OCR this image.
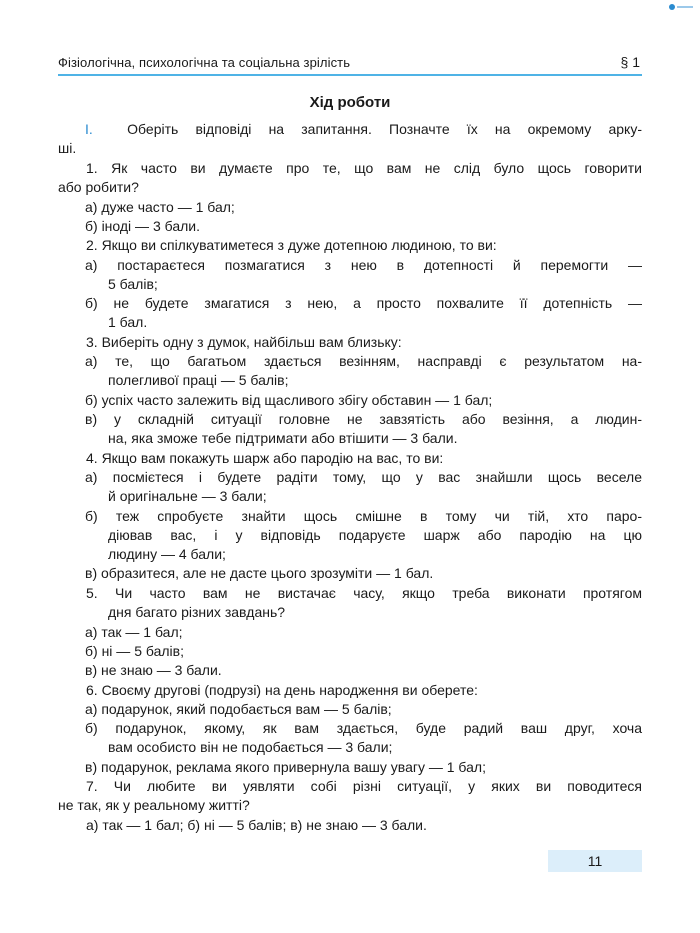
Фізіологічна, психологічна та соціальна зрілість	§ 1
Хід роботи
I. Оберіть відповіді на запитання. Позначте їх на окремому арку-
ші.
1. Як часто ви думаєте про те, що вам не слід було щось говорити
або робити?
а) дуже часто — 1 бал;
б) іноді — 3 бали.
2. Якщо ви спілкуватиметеся з дуже дотепною людиною, то ви:
а) постараєтеся позмагатися з нею в дотепності й перемогти —
5 балів;
б) не будете змагатися з нею, а просто похвалите її дотепність —
1 бал.
3. Виберіть одну з думок, найбільш вам близьку:
а) те, що багатьом здається везінням, насправді є результатом на-
полегливої праці — 5 балів;
б) успіх часто залежить від щасливого збігу обставин — 1 бал;
в) у складній ситуації головне не завзятість або везіння, а людин-
на, яка зможе тебе підтримати або втішити — 3 бали.
4. Якщо вам покажуть шарж або пародію на вас, то ви:
а) посмієтеся і будете радіти тому, що у вас знайшли щось веселе
й оригінальне — 3 бали;
б) теж спробуєте знайти щось смішне в тому чи тій, хто паро-
діював вас, і у відповідь подаруєте шарж або пародію на цю
людину — 4 бали;
в) образитеся, але не дасте цього зрозуміти — 1 бал.
5. Чи часто вам не вистачає часу, якщо треба виконати протягом
дня багато різних завдань?
а) так — 1 бал;
б) ні — 5 балів;
в) не знаю — 3 бали.
6. Своєму другові (подрузі) на день народження ви оберете:
а) подарунок, який подобається вам — 5 балів;
б) подарунок, якому, як вам здається, буде радий ваш друг, хоча
вам особисто він не подобається — 3 бали;
в) подарунок, реклама якого привернула вашу увагу — 1 бал;
7. Чи любите ви уявляти собі різні ситуації, у яких ви поводитеся
не так, як у реальному житті?
а) так — 1 бал; б) ні — 5 балів; в) не знаю — 3 бали.
11
